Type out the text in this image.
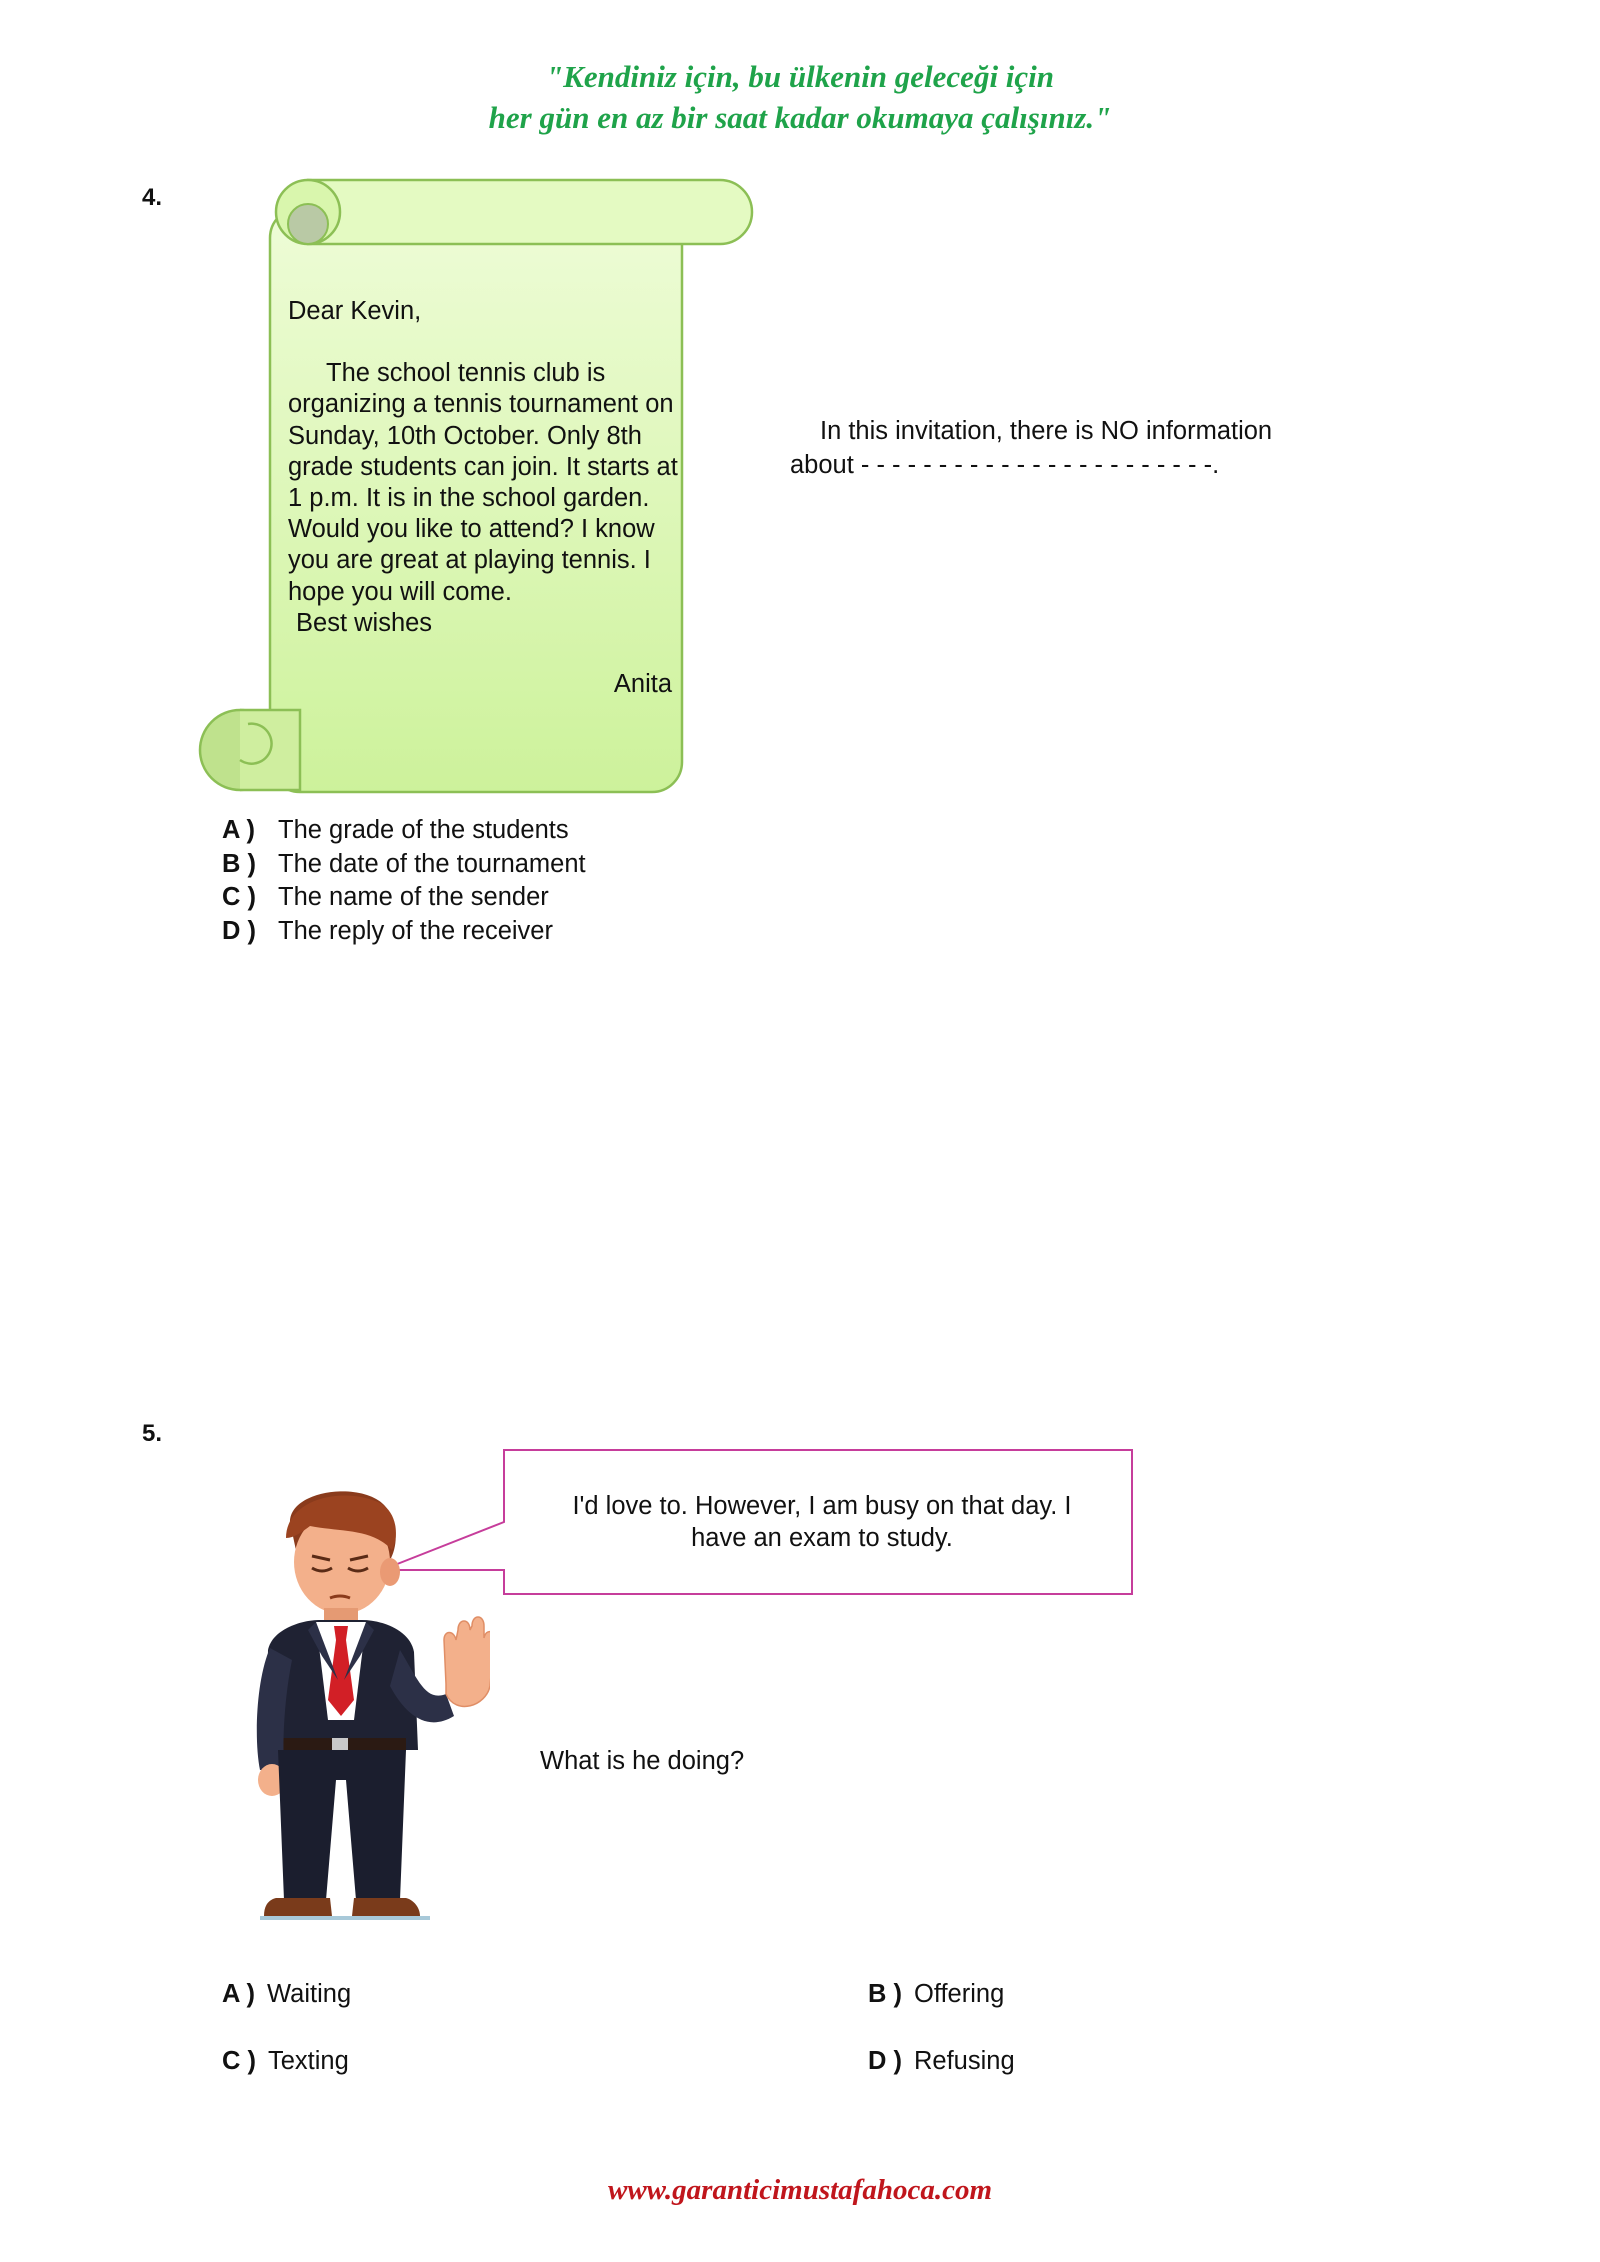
"Kendiniz için, bu ülkenin geleceği için
her gün en az bir saat kadar okumaya çalışınız."
4.

Dear Kevin,

The school tennis club is organizing a tennis tournament on Sunday, 10th October. Only 8th grade students can join. It starts at 1 p.m. It is in the school garden. Would you like to attend? I know you are great at playing tennis. I hope you will come.

Best wishes

Anita

In this invitation, there is NO information
about - - - - - - - - - - - - - - - - - - - - - - -.
A ) The grade of the students
B ) The date of the tournament
C ) The name of the sender
D ) The reply of the receiver
5.
I'd love to. However, I am busy on that day. I
have an exam to study.
What is he doing?
A ) Waiting	B ) Offering
C ) Texting	D ) Refusing
www.garanticimustafahoca.com
